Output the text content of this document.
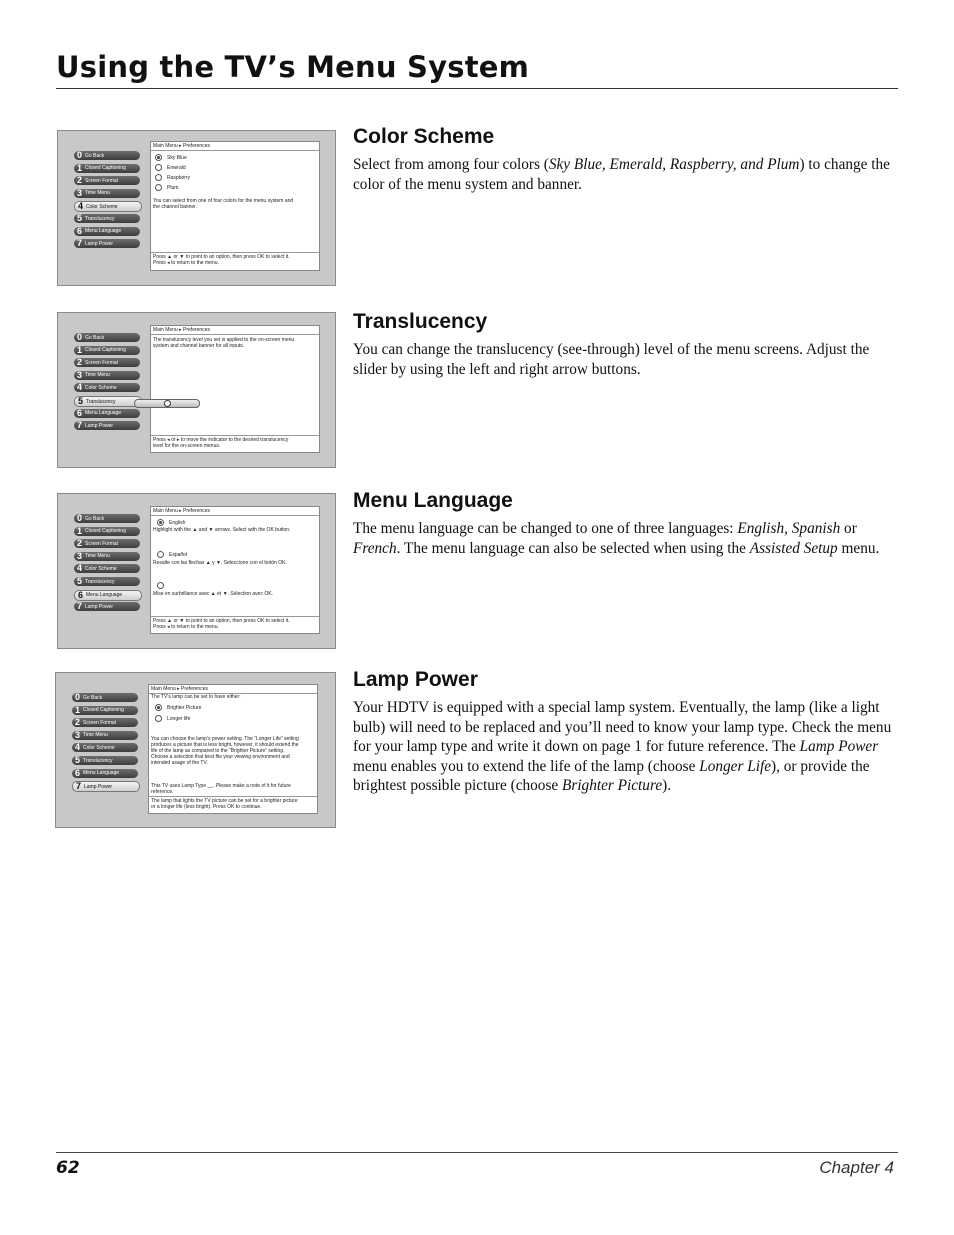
Using the TV’s Menu System
0 Go Back
1 Closed Captioning
2 Screen Format
3 Time Menu
4 Color Scheme
5 Translucency
6 Menu Language
7 Lamp Power
Main Menu ▸ Preferences
Sky Blue
Emerald
Raspberry
Plum
You can select from one of four colors for the menu system and the channel banner.
Press ▲ or ▼ to point to an option, then press OK to select it. Press ◂ to return to the menu.
Color Scheme

Select from among four colors (Sky Blue, Emerald, Raspberry, and Plum) to change the color of the menu system and banner.

0 Go Back
1 Closed Captioning
2 Screen Format
3 Time Menu
4 Color Scheme
5 Translucency
6 Menu Language
7 Lamp Power
Main Menu ▸ Preferences
The translucency level you set is applied to the on-screen menu system and channel banner for all inputs.
Press ◂ or ▸ to move the indicator to the desired translucency level for the on-screen menus.
Translucency

You can change the translucency (see-through) level of the menu screens. Adjust the slider by using the left and right arrow buttons.

0 Go Back
1 Closed Captioning
2 Screen Format
3 Time Menu
4 Color Scheme
5 Translucency
6 Menu Language
7 Lamp Power
Main Menu ▸ Preferences
English
Highlight with the ▲ and ▼ arrows. Select with the OK button.
Español
Resalte con las flechas ▲ y ▼. Seleccione con el botón OK.
Mise en surbrillance avec ▲ et ▼. Sélection avec OK.
Press ▲ or ▼ to point to an option, then press OK to select it. Press ◂ to return to the menu.
Menu Language

The menu language can be changed to one of three languages: English, Spanish or French. The menu language can also be selected when using the Assisted Setup menu.

0 Go Back
1 Closed Captioning
2 Screen Format
3 Time Menu
4 Color Scheme
5 Translucency
6 Menu Language
7 Lamp Power
Main Menu ▸ Preferences
The TV’s lamp can be set to have either:
Brighter Picture
Longer life
You can choose the lamp’s power setting. The “Longer Life” setting produces a picture that is less bright, however, it should extend the life of the lamp as compared to the “Brighter Picture” setting. Choose a selection that best fits your viewing environment and intended usage of the TV.
This TV uses Lamp Type __. Please make a note of it for future reference.
The lamp that lights the TV picture can be set for a brighter picture or a longer life (less bright). Press OK to continue.
Lamp Power

Your HDTV is equipped with a special lamp system. Eventually, the lamp (like a light bulb) will need to be replaced and you’ll need to know your lamp type. Check the menu for your lamp type and write it down on page 1 for future reference. The Lamp Power menu enables you to extend the life of the lamp (choose Longer Life), or provide the brightest possible picture (choose Brighter Picture).

62	Chapter 4
